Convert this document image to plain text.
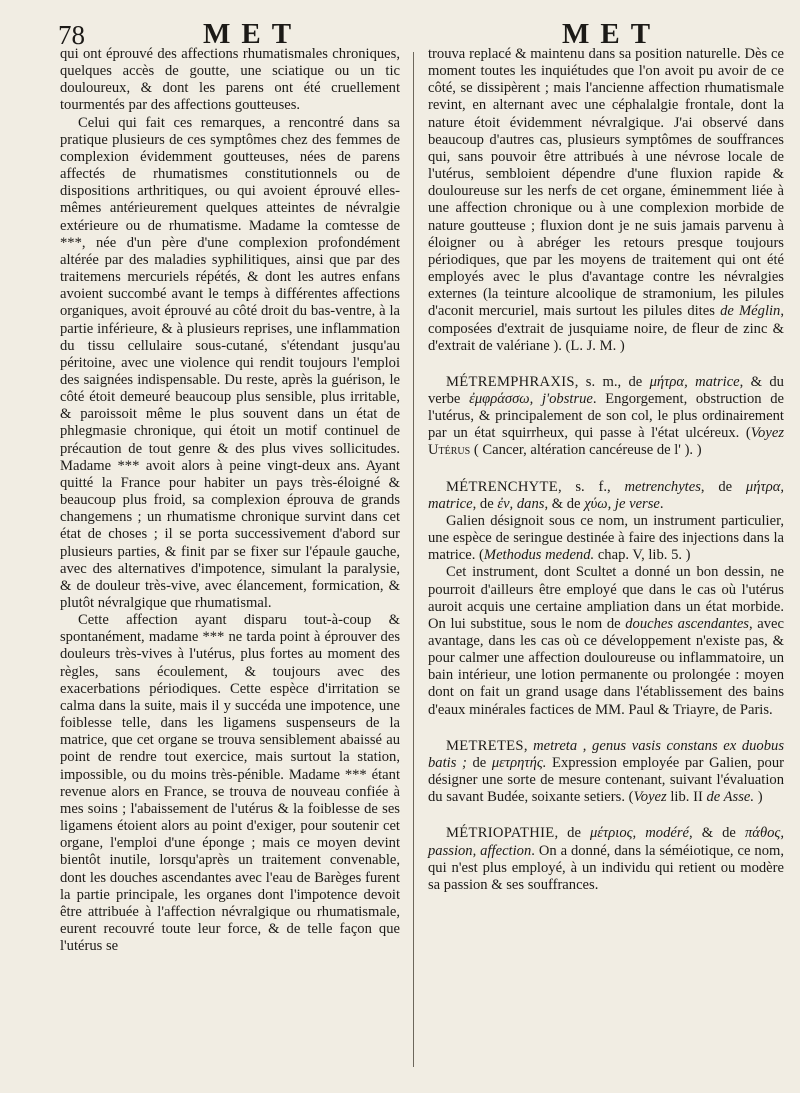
78	MET	MET

qui ont éprouvé des affections rhumatismales chroniques, quelques accès de goutte, une sciatique ou un tic douloureux, & dont les parens ont été cruellement tourmentés par des affections goutteuses.

Celui qui fait ces remarques, a rencontré dans sa pratique plusieurs de ces symptômes chez des femmes de complexion évidemment goutteuses, nées de parens affectés de rhumatismes constitutionnels ou de dispositions arthritiques, ou qui avoient éprouvé elles-mêmes antérieurement quelques atteintes de névralgie extérieure ou de rhumatisme. Madame la comtesse de ***, née d'un père d'une complexion profondément altérée par des maladies syphilitiques, ainsi que par des traitemens mercuriels répétés, & dont les autres enfans avoient succombé avant le temps à différentes affections organiques, avoit éprouvé au côté droit du bas-ventre, à la partie inférieure, & à plusieurs reprises, une inflammation du tissu cellulaire sous-cutané, s'étendant jusqu'au péritoine, avec une violence qui rendit toujours l'emploi des saignées indispensable. Du reste, après la guérison, le côté étoit demeuré beaucoup plus sensible, plus irritable, & paroissoit même le plus souvent dans un état de phlegmasie chronique, qui étoit un motif continuel de précaution de tout genre & des plus vives sollicitudes. Madame *** avoit alors à peine vingt-deux ans. Ayant quitté la France pour habiter un pays très-éloigné & beaucoup plus froid, sa complexion éprouva de grands changemens ; un rhumatisme chronique survint dans cet état de choses ; il se porta successivement d'abord sur plusieurs parties, & finit par se fixer sur l'épaule gauche, avec des alternatives d'impotence, simulant la paralysie, & de douleur très-vive, avec élancement, formication, & plutôt névralgique que rhumatismal.

Cette affection ayant disparu tout-à-coup & spontanément, madame *** ne tarda point à éprouver des douleurs très-vives à l'utérus, plus fortes au moment des règles, sans écoulement, & toujours avec des exacerbations périodiques. Cette espèce d'irritation se calma dans la suite, mais il y succéda une impotence, une foiblesse telle, dans les ligamens suspenseurs de la matrice, que cet organe se trouva sensiblement abaissé au point de rendre tout exercice, mais surtout la station, impossible, ou du moins très-pénible. Madame *** étant revenue alors en France, se trouva de nouveau confiée à mes soins ; l'abaissement de l'utérus & la foiblesse de ses ligamens étoient alors au point d'exiger, pour soutenir cet organe, l'emploi d'une éponge ; mais ce moyen devint bientôt inutile, lorsqu'après un traitement convenable, dont les douches ascendantes avec l'eau de Barèges furent la partie principale, les organes dont l'impotence devoit être attribuée à l'affection névralgique ou rhumatismale, eurent recouvré toute leur force, & de telle façon que l'utérus se

trouva replacé & maintenu dans sa position naturelle. Dès ce moment toutes les inquiétudes que l'on avoit pu avoir de ce côté, se dissipèrent ; mais l'ancienne affection rhumatismale revint, en alternant avec une céphalalgie frontale, dont la nature étoit évidemment névralgique. J'ai observé dans beaucoup d'autres cas, plusieurs symptômes de souffrances qui, sans pouvoir être attribués à une névrose locale de l'utérus, sembloient dépendre d'une fluxion rapide & douloureuse sur les nerfs de cet organe, éminemment liée à une affection chronique ou à une complexion morbide de nature goutteuse ; fluxion dont je ne suis jamais parvenu à éloigner ou à abréger les retours presque toujours périodiques, que par les moyens de traitement qui ont été employés avec le plus d'avantage contre les névralgies externes (la teinture alcoolique de stramonium, les pilules d'aconit mercuriel, mais surtout les pilules dites de Méglin, composées d'extrait de jusquiame noire, de fleur de zinc & d'extrait de valériane ). (L. J. M. )

MÉTREMPHRAXIS, s. m., de μήτρα, matrice, & du verbe ἐμφράσσω, j'obstrue. Engorgement, obstruction de l'utérus, & principalement de son col, le plus ordinairement par un état squirrheux, qui passe à l'état ulcéreux. (Voyez Utérus ( Cancer, altération cancéreuse de l' ). )

MÉTRENCHYTE, s. f., metrenchytes, de μήτρα, matrice, de ἐν, dans, & de χύω, je verse.

Galien désignoit sous ce nom, un instrument particulier, une espèce de seringue destinée à faire des injections dans la matrice. (Methodus medend. chap. V, lib. 5. )

Cet instrument, dont Scultet a donné un bon dessin, ne pourroit d'ailleurs être employé que dans le cas où l'utérus auroit acquis une certaine ampliation dans un état morbide. On lui substitue, sous le nom de douches ascendantes, avec avantage, dans les cas où ce développement n'existe pas, & pour calmer une affection douloureuse ou inflammatoire, un bain intérieur, une lotion permanente ou prolongée : moyen dont on fait un grand usage dans l'établissement des bains d'eaux minérales factices de MM. Paul & Triayre, de Paris.

METRETES, metreta , genus vasis constans ex duobus batis ; de μετρητής. Expression employée par Galien, pour désigner une sorte de mesure contenant, suivant l'évaluation du savant Budée, soixante setiers. (Voyez lib. II de Asse. )

MÉTRIOPATHIE, de μέτριος, modéré, & de πάθος, passion, affection. On a donné, dans la séméiotique, ce nom, qui n'est plus employé, à un individu qui retient ou modère sa passion & ses souffrances.
